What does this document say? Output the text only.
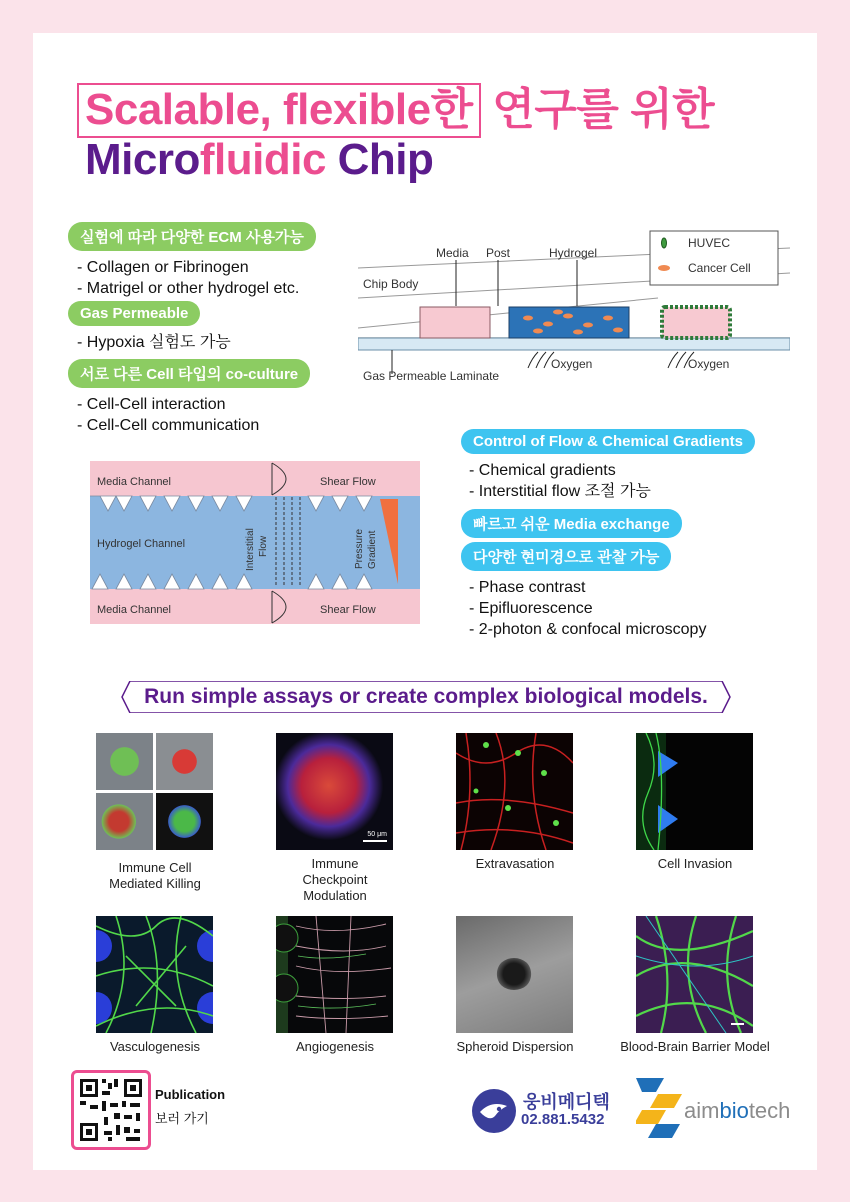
Scalable, flexible한 연구를 위한
Microfluidic Chip
실험에 따라 다양한 ECM 사용가능
- Collagen or Fibrinogen
- Matrigel or other hydrogel etc.
Gas Permeable
- Hypoxia 실험도 가능
서로 다른 Cell 타입의 co-culture
- Cell-Cell interaction
- Cell-Cell communication
Media Post	Hydrogel
Chip Body
Gas Permeable Laminate
Oxygen	Oxygen
HUVEC
Cancer Cell
Media Channel	Shear Flow
Hydrogel Channel	Interstitial Flow	Pressure Gradient
Media Channel	Shear Flow
Control of Flow & Chemical Gradients
- Chemical gradients
- Interstitial flow 조절 가능
빠르고 쉬운 Media exchange
다양한 현미경으로 관찰 가능
- Phase contrast
- Epifluorescence
- 2-photon & confocal microscopy
Run simple assays or create complex biological models.
50 μm
Immune Cell
Mediated Killing
Immune
Checkpoint
Modulation
Extravasation	Cell Invasion
Vasculogenesis	Angiogenesis	Spheroid Dispersion	Blood-Brain Barrier Model
Publication
보러 가기
웅비메디텍
02.881.5432	aimbiotech
